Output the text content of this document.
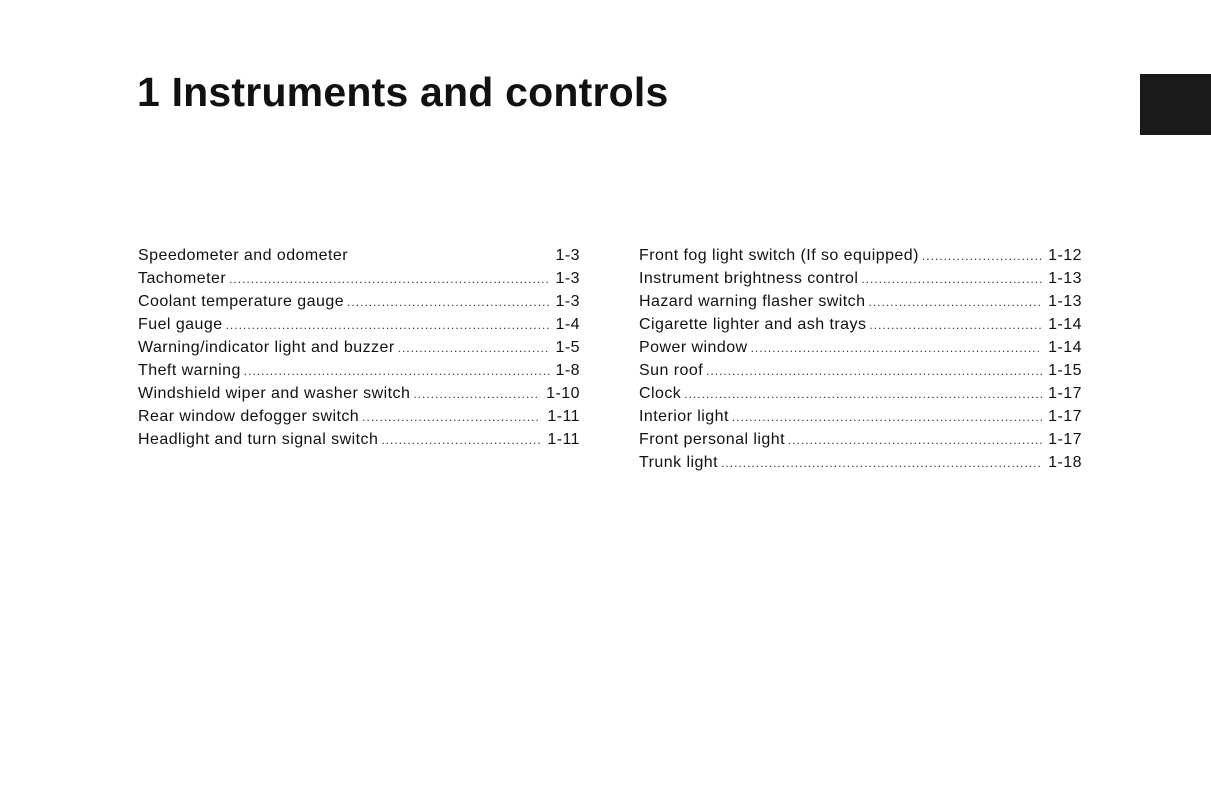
1 Instruments and controls
Speedometer and odometer	1-3
Tachometer .....	1-3
Coolant temperature gauge .....	1-3
Fuel gauge .....	1-4
Warning/indicator light and buzzer .....	1-5
Theft warning .....	1-8
Windshield wiper and washer switch .....	1-10
Rear window defogger switch .....	1-11
Headlight and turn signal switch .....	1-11
Front fog light switch (If so equipped) .....	1-12
Instrument brightness control .....	1-13
Hazard warning flasher switch .....	1-13
Cigarette lighter and ash trays .....	1-14
Power window .....	1-14
Sun roof .....	1-15
Clock .....	1-17
Interior light .....	1-17
Front personal light .....	1-17
Trunk light .....	1-18
